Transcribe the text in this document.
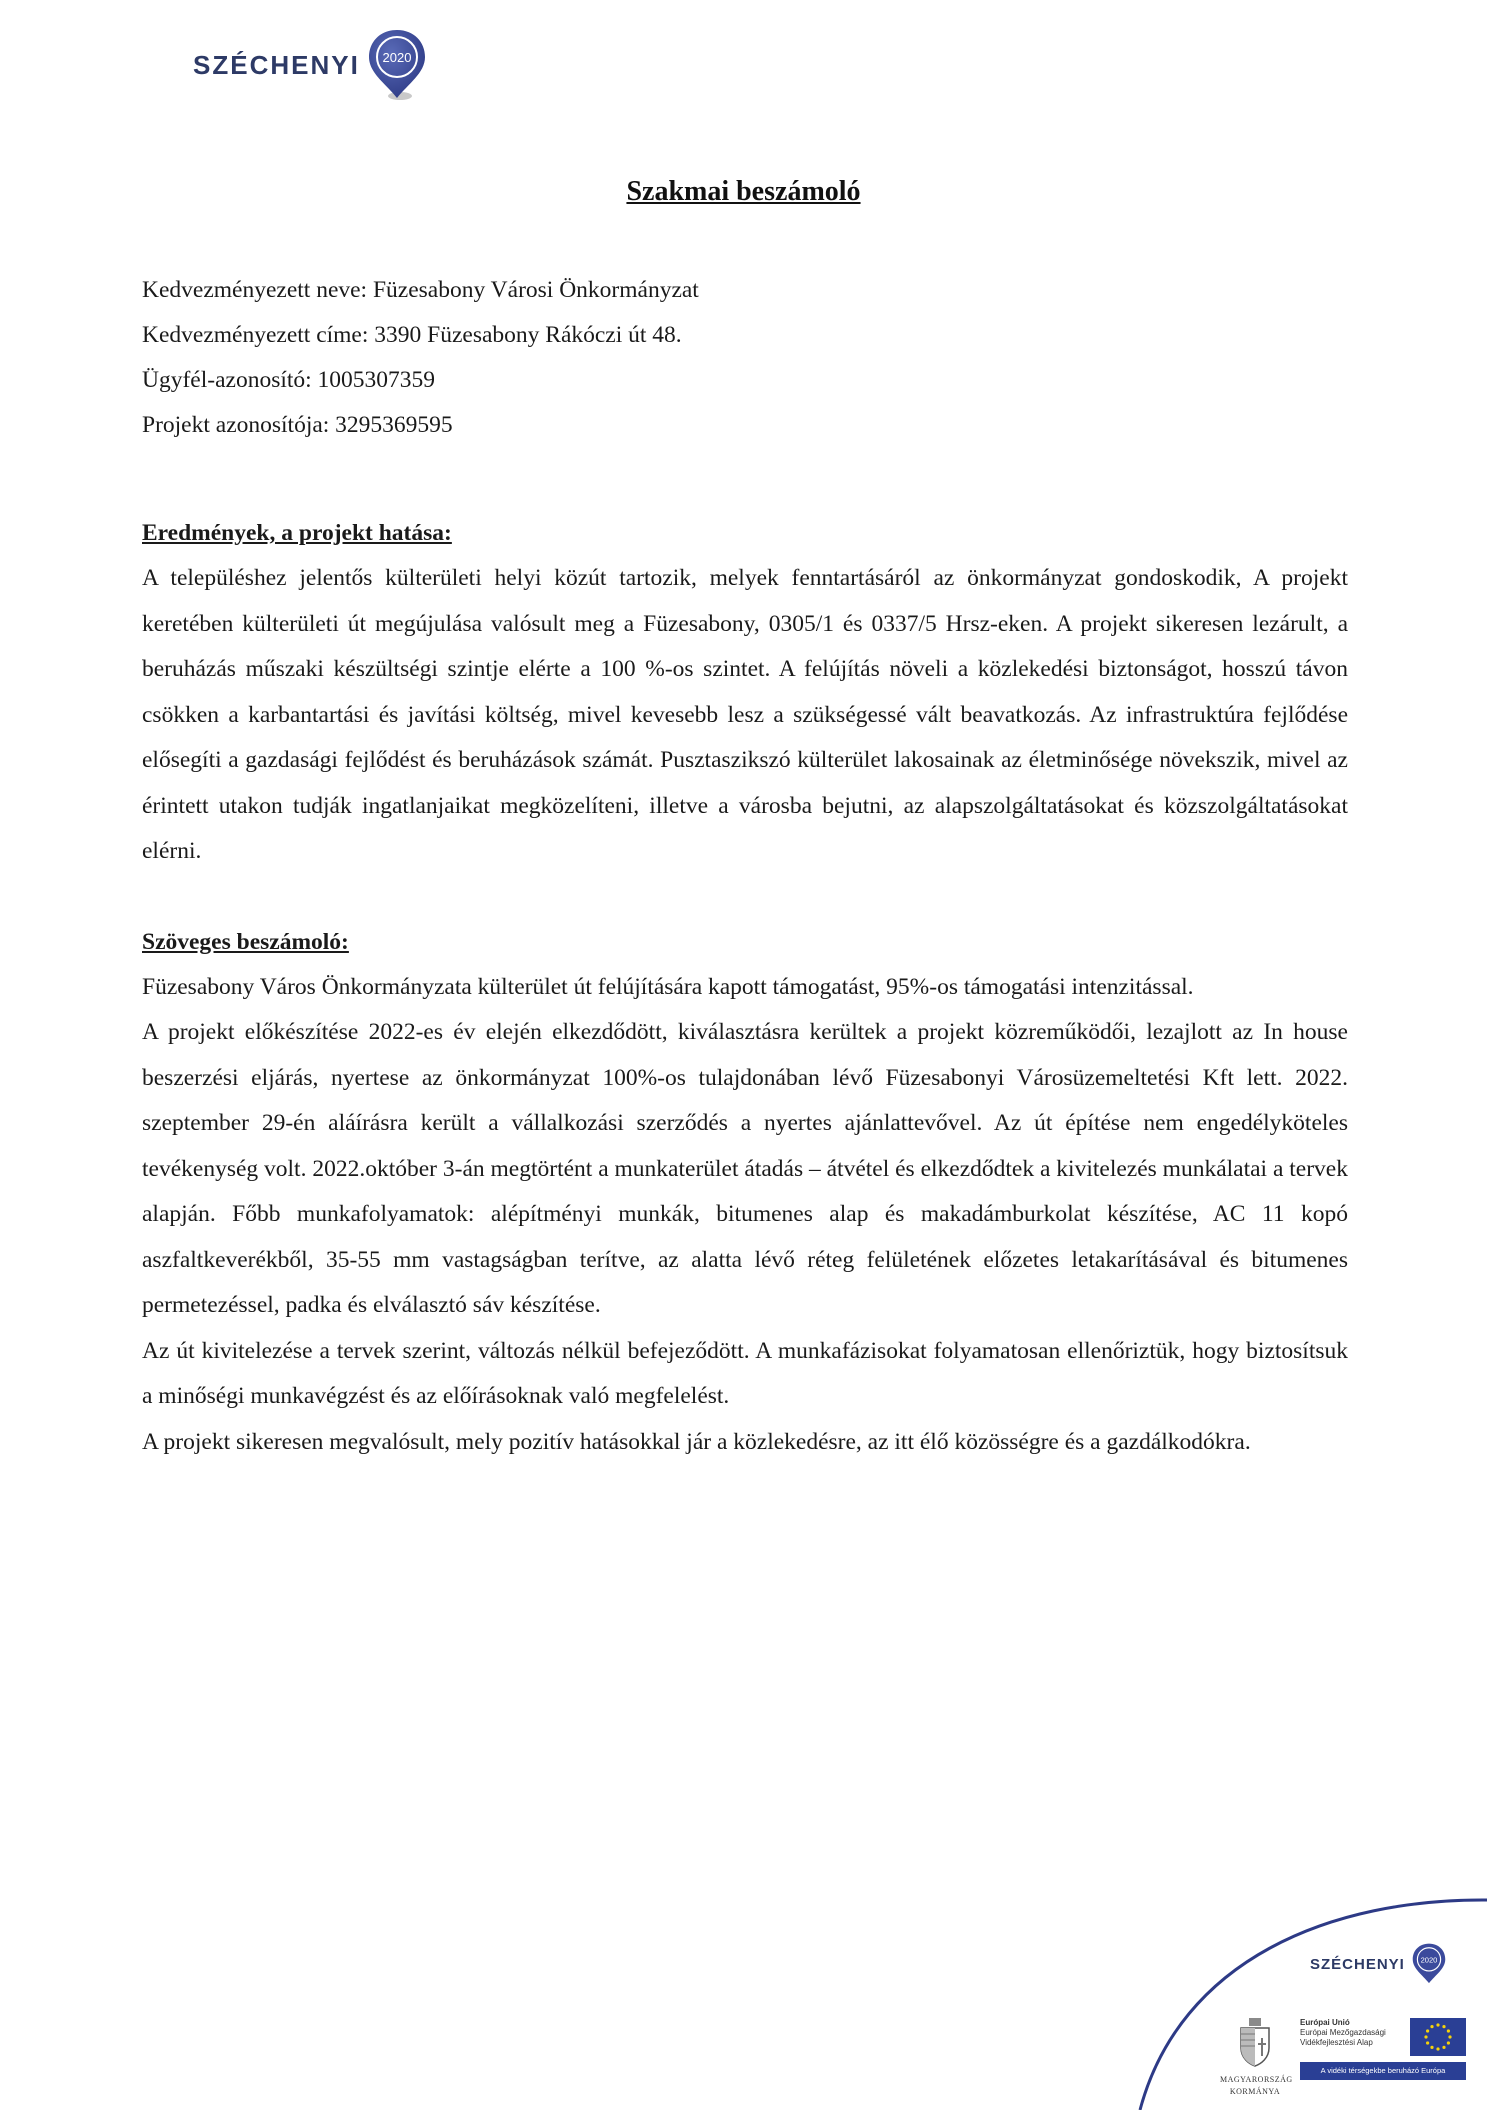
SZÉCHENYI 2020
Szakmai beszámoló

Kedvezményezett neve: Füzesabony Városi Önkormányzat

Kedvezményezett címe: 3390 Füzesabony Rákóczi út 48.

Ügyfél-azonosító: 1005307359

Projekt azonosítója: 3295369595

Eredmények, a projekt hatása:

A településhez jelentős külterületi helyi közút tartozik, melyek fenntartásáról az önkormányzat gondoskodik, A projekt keretében külterületi út megújulása valósult meg a Füzesabony, 0305/1 és 0337/5 Hrsz-eken. A projekt sikeresen lezárult, a beruházás műszaki készültségi szintje elérte a 100 %-os szintet. A felújítás növeli a közlekedési biztonságot, hosszú távon csökken a karbantartási és javítási költség, mivel kevesebb lesz a szükségessé vált beavatkozás. Az infrastruktúra fejlődése elősegíti a gazdasági fejlődést és beruházások számát. Pusztaszikszó külterület lakosainak az életminősége növekszik, mivel az érintett utakon tudják ingatlanjaikat megközelíteni, illetve a városba bejutni, az alapszolgáltatásokat és közszolgáltatásokat elérni.

Szöveges beszámoló:

Füzesabony Város Önkormányzata külterület út felújítására kapott támogatást, 95%-os támogatási intenzitással.

A projekt előkészítése 2022-es év elején elkezdődött, kiválasztásra kerültek a projekt közreműködői, lezajlott az In house beszerzési eljárás, nyertese az önkormányzat 100%-os tulajdonában lévő Füzesabonyi Városüzemeltetési Kft lett. 2022. szeptember 29-én aláírásra került a vállalkozási szerződés a nyertes ajánlattevővel. Az út építése nem engedélyköteles tevékenység volt. 2022.október 3-án megtörtént a munkaterület átadás – átvétel és elkezdődtek a kivitelezés munkálatai a tervek alapján. Főbb munkafolyamatok: alépítményi munkák, bitumenes alap és makadámburkolat készítése, AC 11 kopó aszfaltkeverékből, 35-55 mm vastagságban terítve, az alatta lévő réteg felületének előzetes letakarításával és bitumenes permetezéssel, padka és elválasztó sáv készítése.

Az út kivitelezése a tervek szerint, változás nélkül befejeződött. A munkafázisokat folyamatosan ellenőriztük, hogy biztosítsuk a minőségi munkavégzést és az előírásoknak való megfelelést.

A projekt sikeresen megvalósult, mely pozitív hatásokkal jár a közlekedésre, az itt élő közösségre és a gazdálkodókra.

SZÉCHENYI 2020
MAGYARORSZÁG
KORMÁNYA
Európai Unió
Európai Mezőgazdasági
Vidékfejlesztési Alap
A vidéki térségekbe beruházó Európa
